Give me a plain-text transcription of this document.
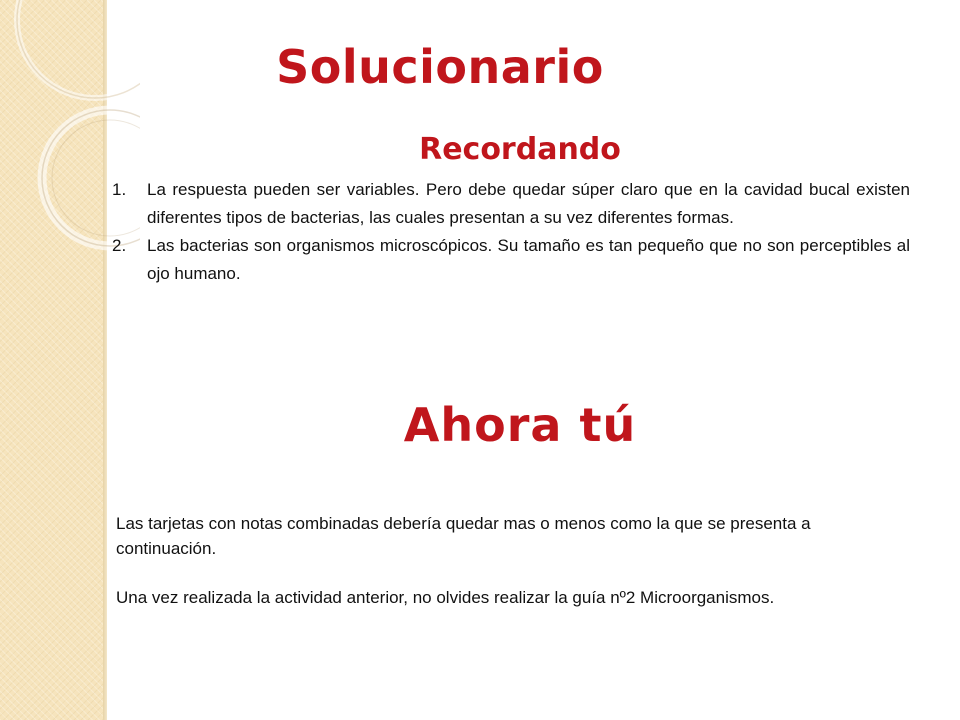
Solucionario
Recordando
1. La respuesta pueden ser variables. Pero debe quedar súper claro que en la cavidad bucal existen diferentes tipos de bacterias, las cuales presentan a su vez diferentes formas.
2. Las bacterias son organismos microscópicos. Su tamaño es tan pequeño que no son perceptibles al ojo humano.
Ahora tú

Las tarjetas con notas combinadas debería quedar mas o menos como la que se presenta a continuación.

Una vez realizada la actividad anterior, no olvides realizar la guía nº2 Microorganismos.
